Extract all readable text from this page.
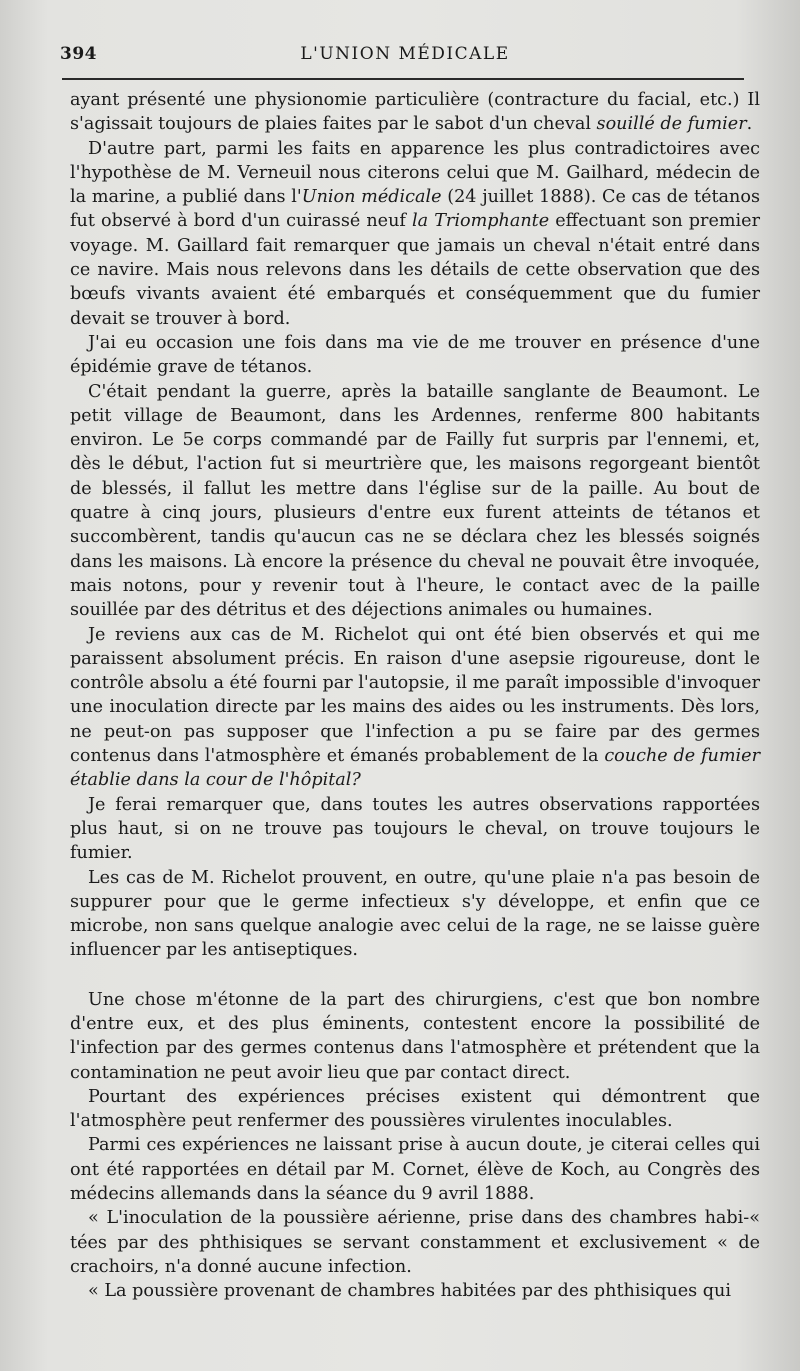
394	L'UNION MÉDICALE

ayant présenté une physionomie particulière (contracture du facial, etc.) Il s'agissait toujours de plaies faites par le sabot d'un cheval souillé de fumier.

D'autre part, parmi les faits en apparence les plus contradictoires avec l'hypothèse de M. Verneuil nous citerons celui que M. Gailhard, médecin de la marine, a publié dans l'Union médicale (24 juillet 1888). Ce cas de tétanos fut observé à bord d'un cuirassé neuf la Triomphante effectuant son premier voyage. M. Gaillard fait remarquer que jamais un cheval n'était entré dans ce navire. Mais nous relevons dans les détails de cette observation que des bœufs vivants avaient été embarqués et conséquemment que du fumier devait se trouver à bord.

J'ai eu occasion une fois dans ma vie de me trouver en présence d'une épidémie grave de tétanos.

C'était pendant la guerre, après la bataille sanglante de Beaumont. Le petit village de Beaumont, dans les Ardennes, renferme 800 habitants environ. Le 5e corps commandé par de Failly fut surpris par l'ennemi, et, dès le début, l'action fut si meurtrière que, les maisons regorgeant bientôt de blessés, il fallut les mettre dans l'église sur de la paille. Au bout de quatre à cinq jours, plusieurs d'entre eux furent atteints de tétanos et succombèrent, tandis qu'aucun cas ne se déclara chez les blessés soignés dans les maisons. Là encore la présence du cheval ne pouvait être invoquée, mais notons, pour y revenir tout à l'heure, le contact avec de la paille souillée par des détritus et des déjections animales ou humaines.

Je reviens aux cas de M. Richelot qui ont été bien observés et qui me paraissent absolument précis. En raison d'une asepsie rigoureuse, dont le contrôle absolu a été fourni par l'autopsie, il me paraît impossible d'invoquer une inoculation directe par les mains des aides ou les instruments. Dès lors, ne peut-on pas supposer que l'infection a pu se faire par des germes contenus dans l'atmosphère et émanés probablement de la couche de fumier établie dans la cour de l'hôpital?

Je ferai remarquer que, dans toutes les autres observations rapportées plus haut, si on ne trouve pas toujours le cheval, on trouve toujours le fumier.

Les cas de M. Richelot prouvent, en outre, qu'une plaie n'a pas besoin de suppurer pour que le germe infectieux s'y développe, et enfin que ce microbe, non sans quelque analogie avec celui de la rage, ne se laisse guère influencer par les antiseptiques.

Une chose m'étonne de la part des chirurgiens, c'est que bon nombre d'entre eux, et des plus éminents, contestent encore la possibilité de l'infection par des germes contenus dans l'atmosphère et prétendent que la contamination ne peut avoir lieu que par contact direct.

Pourtant des expériences précises existent qui démontrent que l'atmosphère peut renfermer des poussières virulentes inoculables.

Parmi ces expériences ne laissant prise à aucun doute, je citerai celles qui ont été rapportées en détail par M. Cornet, élève de Koch, au Congrès des médecins allemands dans la séance du 9 avril 1888.

« L'inoculation de la poussière aérienne, prise dans des chambres habi-« tées par des phthisiques se servant constamment et exclusivement « de crachoirs, n'a donné aucune infection.

« La poussière provenant de chambres habitées par des phthisiques qui
